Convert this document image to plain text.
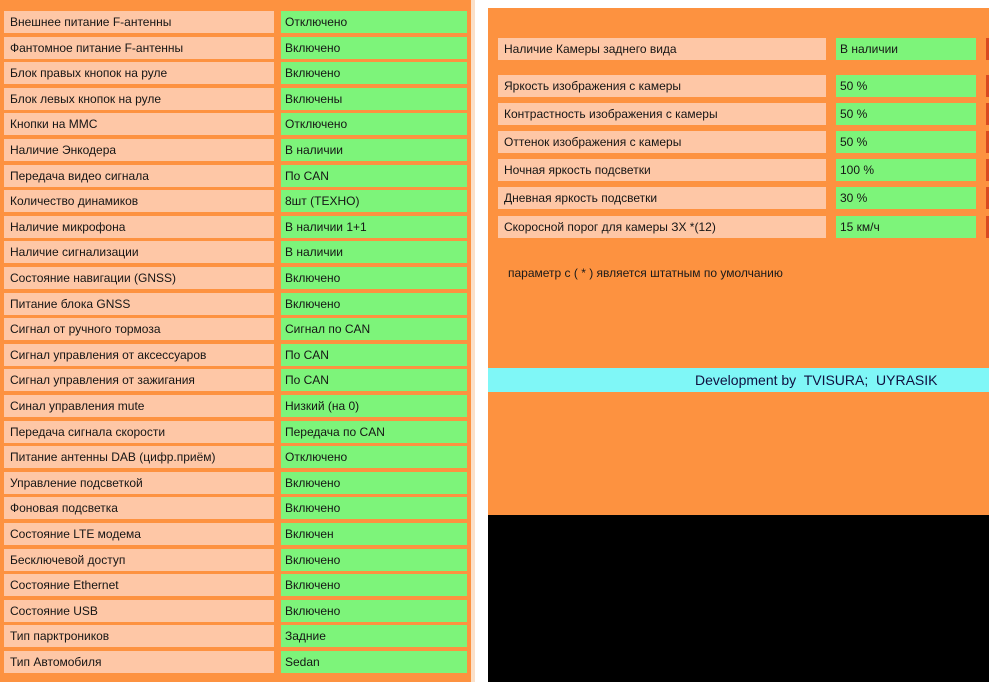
Внешнее питание F-антенны	Отключено
Фантомное питание F-антенны	Включено
Блок правых кнопок на руле	Включено
Блок левых кнопок на руле	Включены
Кнопки на ММС	Отключено
Наличие Энкодера	В наличии
Передача видео сигнала	По CAN
Количество динамиков	8шт (ТЕХНО)
Наличие микрофона	В наличии 1+1
Наличие сигнализации	В наличии
Состояние навигации (GNSS)	Включено
Питание блока GNSS	Включено
Сигнал от ручного тормоза	Сигнал по CAN
Сигнал управления от аксессуаров	По CAN
Сигнал управления от зажигания	По CAN
Синал управления mute	Низкий (на 0)
Передача сигнала скорости	Передача по CAN
Питание антенны DAB (цифр.приём)	Отключено
Управление подсветкой	Включено
Фоновая подсветка	Включено
Состояние LTE модема	Включен
Бесключевой доступ	Включено
Состояние Ethernet	Включено
Состояние USB	Включено
Тип парктроников	Задние
Тип Автомобиля	Sedan
параметр с ( * ) является штатным по умолчанию
Development by  TVISURA;  UYRASIK
Наличие Камеры заднего вида	В наличии
Яркость изображения с камеры	50 %
Контрастность изображения с камеры	50 %
Оттенок изображения с камеры	50 %
Ночная яркость подсветки	100 %
Дневная яркость подсветки	30 %
Скоросной порог для камеры ЗХ *(12)	15 км/ч
